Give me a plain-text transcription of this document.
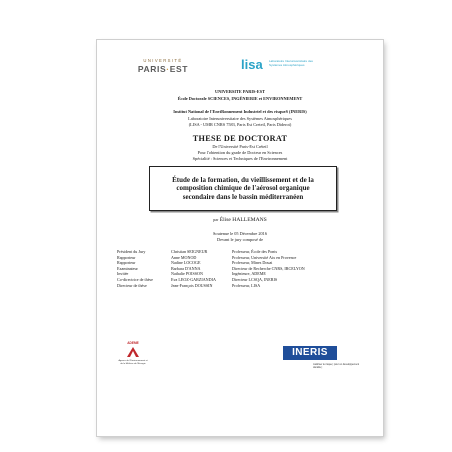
UNIVERSITÉ
PARIS·EST	lisa Laboratoire Interuniversitaire des Systèmes Atmosphériques
UNIVERSITE PARIS-EST
École Doctorale SCIENCES, INGÉNIERIE et ENVIRONNEMENT
Institut National de l'EnviRonnement Industriel et des risqueS (INERIS)
Laboratoire Interuniversitaire des Systèmes Atmosphériques
(LISA - UMR CNRS 7583, Paris Est Creteil, Paris Diderot)
THESE DE DOCTORAT
De l'Université Paris-Est Créteil
Pour l'obtention du grade de Docteur en Sciences
Spécialité : Sciences et Techniques de l'Environnement
Étude de la formation, du vieillissement et de la
composition chimique de l'aérosol organique
secondaire dans le bassin méditerranéen
par Élise HALLEMANS
Soutenue le 05 Décembre 2016
Devant le jury composé de
Président du Jury	Christian SEIGNEUR	Professeur, École des Ponts
Rapporteur	Anne MONOD	Professeur, Université Aix en Provence
Rapporteur	Nadine LOCOGE	Professeur, Mines Douai
Examinateur	Barbara D'ANNA	Directeur de Recherche CNRS, IRCELYON
Invitée	Nathalie POISSON	Ingénieure, ADEME
Co-directrice de thèse	Eva LEOZ-GARZIANDIA	Directeur LCSQA, INERIS
Directeur de thèse	Jean-François DOUSSIN	Professeur, LISA
ADEME
Agence de l'Environnement et de la Maîtrise de l'Energie
INERIS
maîtriser le risque | pour un développement durable |
